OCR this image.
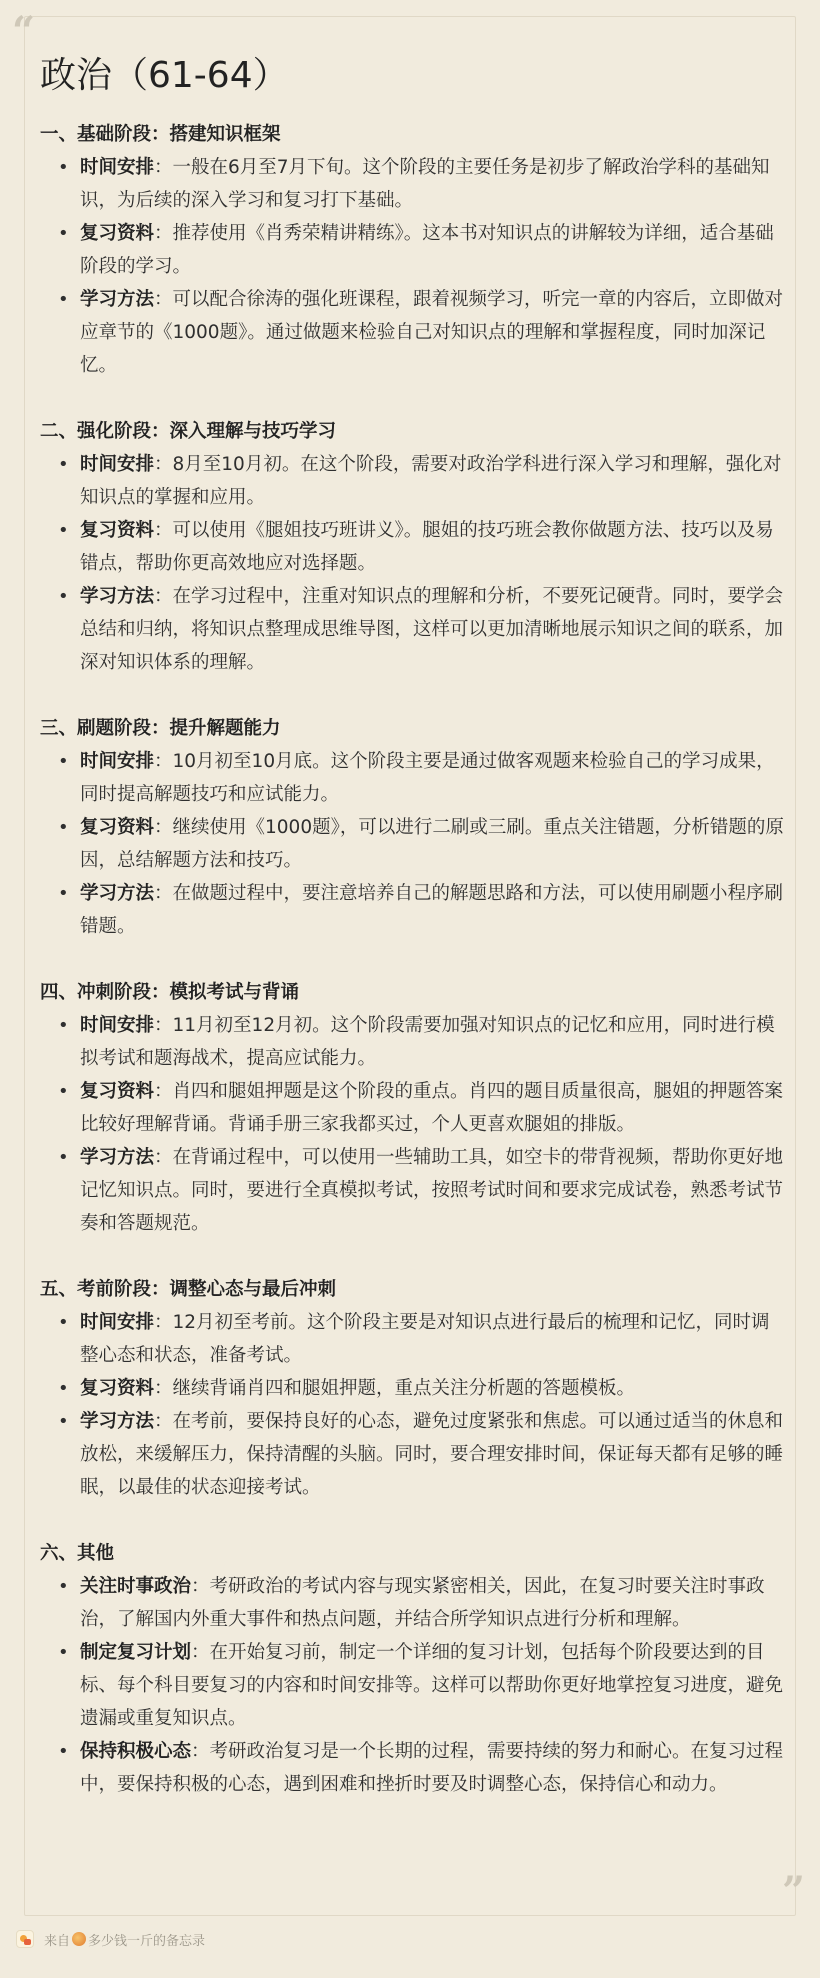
“
”
政治（61-64）
一、基础阶段：搭建知识框架
• 时间安排：一般在6月至7月下旬。这个阶段的主要任务是初步了解政治学科的基础知识，为后续的深入学习和复习打下基础。
• 复习资料：推荐使用《肖秀荣精讲精练》。这本书对知识点的讲解较为详细，适合基础阶段的学习。
• 学习方法：可以配合徐涛的强化班课程，跟着视频学习，听完一章的内容后，立即做对应章节的《1000题》。通过做题来检验自己对知识点的理解和掌握程度，同时加深记忆。
二、强化阶段：深入理解与技巧学习
• 时间安排：8月至10月初。在这个阶段，需要对政治学科进行深入学习和理解，强化对知识点的掌握和应用。
• 复习资料：可以使用《腿姐技巧班讲义》。腿姐的技巧班会教你做题方法、技巧以及易错点，帮助你更高效地应对选择题。
• 学习方法：在学习过程中，注重对知识点的理解和分析，不要死记硬背。同时，要学会总结和归纳，将知识点整理成思维导图，这样可以更加清晰地展示知识之间的联系，加深对知识体系的理解。
三、刷题阶段：提升解题能力
• 时间安排：10月初至10月底。这个阶段主要是通过做客观题来检验自己的学习成果，同时提高解题技巧和应试能力。
• 复习资料：继续使用《1000题》，可以进行二刷或三刷。重点关注错题，分析错题的原因，总结解题方法和技巧。
• 学习方法：在做题过程中，要注意培养自己的解题思路和方法，可以使用刷题小程序刷错题。
四、冲刺阶段：模拟考试与背诵
• 时间安排：11月初至12月初。这个阶段需要加强对知识点的记忆和应用，同时进行模拟考试和题海战术，提高应试能力。
• 复习资料：肖四和腿姐押题是这个阶段的重点。肖四的题目质量很高，腿姐的押题答案比较好理解背诵。背诵手册三家我都买过，个人更喜欢腿姐的排版。
• 学习方法：在背诵过程中，可以使用一些辅助工具，如空卡的带背视频，帮助你更好地记忆知识点。同时，要进行全真模拟考试，按照考试时间和要求完成试卷，熟悉考试节奏和答题规范。
五、考前阶段：调整心态与最后冲刺
• 时间安排：12月初至考前。这个阶段主要是对知识点进行最后的梳理和记忆，同时调整心态和状态，准备考试。
• 复习资料：继续背诵肖四和腿姐押题，重点关注分析题的答题模板。
• 学习方法：在考前，要保持良好的心态，避免过度紧张和焦虑。可以通过适当的休息和放松，来缓解压力，保持清醒的头脑。同时，要合理安排时间，保证每天都有足够的睡眠，以最佳的状态迎接考试。
六、其他
• 关注时事政治：考研政治的考试内容与现实紧密相关，因此，在复习时要关注时事政治，了解国内外重大事件和热点问题，并结合所学知识点进行分析和理解。
• 制定复习计划：在开始复习前，制定一个详细的复习计划，包括每个阶段要达到的目标、每个科目要复习的内容和时间安排等。这样可以帮助你更好地掌控复习进度，避免遗漏或重复知识点。
• 保持积极心态：考研政治复习是一个长期的过程，需要持续的努力和耐心。在复习过程中，要保持积极的心态，遇到困难和挫折时要及时调整心态，保持信心和动力。
来自 多少钱一斤 的备忘录
